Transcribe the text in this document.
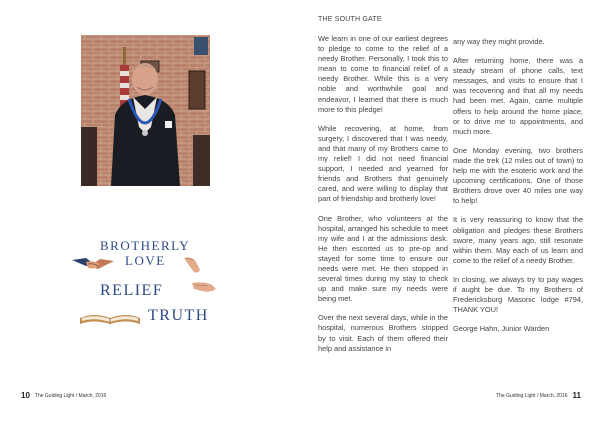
BROTHERLY
LOVE
RELIEF
TRUTH
10 The Guiding Light / March, 2016
THE SOUTH GATE

We learn in one of our earliest degrees to pledge to come to the relief of a needy Brother. Personally, I took this to mean to come to financial relief of a needy Brother. While this is a very noble and worthwhile goal and endeavor, I learned that there is much more to this pledge!

While recovering, at home, from surgery, I discovered that I was needy, and that many of my Brothers came to my relief! I did not need financial support, I needed and yearned for friends and Brothers that genuinely cared, and were willing to display that part of friendship and brotherly love!

One Brother, who volunteers at the hospital, arranged his schedule to meet my wife and I at the admissions desk. He then escorted us to pre-op and stayed for some time to ensure our needs were met. He then stopped in several times during my stay to check up and make sure my needs were being met.

Over the next several days, while in the hospital, numerous Brothers stopped by to visit. Each of them offered their help and assistance in

any way they might provide.

After returning home, there was a steady stream of phone calls, text messages, and visits to ensure that I was recovering and that all my needs had been met. Again, came multiple offers to help around the home place, or to drive me to appointments, and much more.

One Monday evening, two brothers made the trek (12 miles out of town) to help me with the esoteric work and the upcoming certifications. One of those Brothers drove over 40 miles one way to help!

It is very reassuring to know that the obligation and pledges these Brothers swore, many years ago, still resonate within them. May each of us learn and come to the relief of a needy Brother.

In closing, we always try to pay wages if aught be due. To my Brothers of Fredericksburg Masonic lodge #794, THANK YOU!

George Hahn, Junior Warden

The Guiding Light / March, 2016 11
